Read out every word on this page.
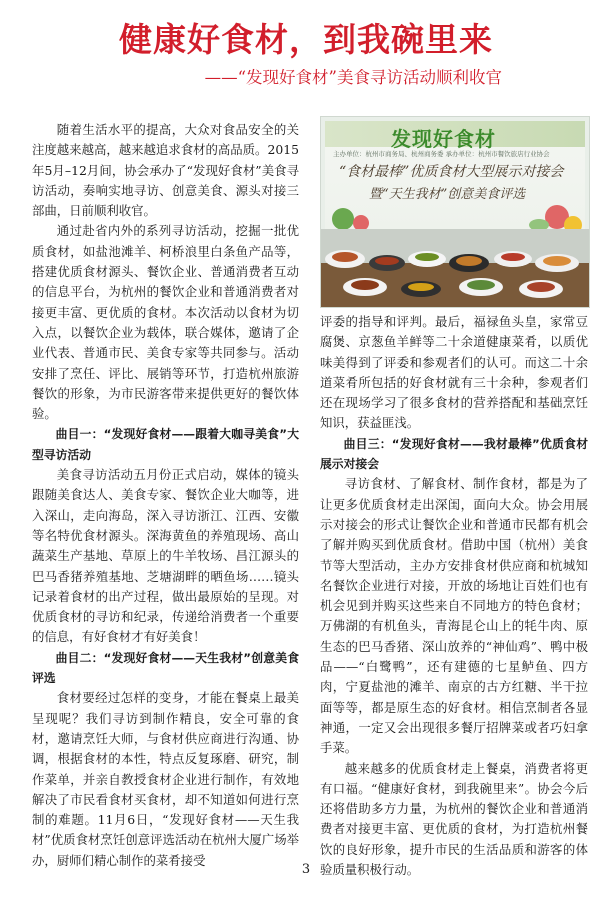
健康好食材，到我碗里来
——“发现好食材”美食寻访活动顺利收官

随着生活水平的提高，大众对食品安全的关注度越来越高，越来越追求食材的高品质。2015年5月–12月间，协会承办了“发现好食材”美食寻访活动，奏响实地寻访、创意美食、源头对接三部曲，日前顺利收官。

通过赴省内外的系列寻访活动，挖掘一批优质食材，如盐池滩羊、柯桥浪里白条鱼产品等，搭建优质食材源头、餐饮企业、普通消费者互动的信息平台，为杭州的餐饮企业和普通消费者对接更丰富、更优质的食材。本次活动以食材为切入点，以餐饮企业为载体，联合媒体，邀请了企业代表、普通市民、美食专家等共同参与。活动安排了烹任、评比、展销等环节，打造杭州旅游餐饮的形象，为市民游客带来提供更好的餐饮体验。

曲目一：“发现好食材——跟着大咖寻美食”大型寻访活动

美食寻访活动五月份正式启动，媒体的镜头跟随美食达人、美食专家、餐饮企业大咖等，进入深山，走向海岛，深入寻访浙江、江西、安徽等名特优食材源头。深海黄鱼的养殖现场、高山蔬菜生产基地、草原上的牛羊牧场、昌江源头的巴马香猪养殖基地、芝塘湖畔的晒鱼场……镜头记录着食材的出产过程，做出最原始的呈现。对优质食材的寻访和纪录，传递给消费者一个重要的信息，有好食材才有好美食！

曲目二：“发现好食材——天生我材”创意美食评选

食材要经过怎样的变身，才能在餐桌上最美呈现呢？我们寻访到制作精良，安全可靠的食材，邀请烹饪大师，与食材供应商进行沟通、协调，根据食材的本性，特点反复琢磨、研究，制作菜单，并亲自教授食材企业进行制作，有效地解决了市民看食材买食材，却不知道如何进行烹制的难题。11月6日，“发现好食材——天生我材”优质食材烹饪创意评选活动在杭州大厦广场举办，厨师们精心制作的菜肴接受

发现好食材
主办单位：杭州市商务局、杭州商务委 承办单位：杭州市餐饮旅店行业协会
“食材最棒”优质食材大型展示对接会
暨“天生我材”创意美食评选

评委的指导和评判。最后，福禄鱼头皇，家常豆腐煲、京葱鱼羊鲜等二十余道健康菜肴，以质优味美得到了评委和参观者们的认可。而这二十余道菜肴所包括的好食材就有三十余种，参观者们还在现场学习了很多食材的营养搭配和基础烹饪知识，获益匪浅。

曲目三：“发现好食材——我材最棒”优质食材展示对接会

寻访食材、了解食材、制作食材，都是为了让更多优质食材走出深闺，面向大众。协会用展示对接会的形式让餐饮企业和普通市民都有机会了解并购买到优质食材。借助中国（杭州）美食节等大型活动，主办方安排食材供应商和杭城知名餐饮企业进行对接，开放的场地让百姓们也有机会见到并购买这些来自不同地方的特色食材；万佛湖的有机鱼头，青海昆仑山上的牦牛肉、原生态的巴马香猪、深山放养的“神仙鸡”、鸭中极品——“白鹭鸭”，还有建德的七星鲈鱼、四方肉，宁夏盐池的滩羊、南京的古方红糖、半干拉面等等，都是原生态的好食材。相信烹制者各显神通，一定又会出现很多餐厅招牌菜或者巧妇拿手菜。

越来越多的优质食材走上餐桌，消费者将更有口福。“健康好食材，到我碗里来”。协会今后还将借助多方力量，为杭州的餐饮企业和普通消费者对接更丰富、更优质的食材，为打造杭州餐饮的良好形象，提升市民的生活品质和游客的体验质量积极行动。

3
